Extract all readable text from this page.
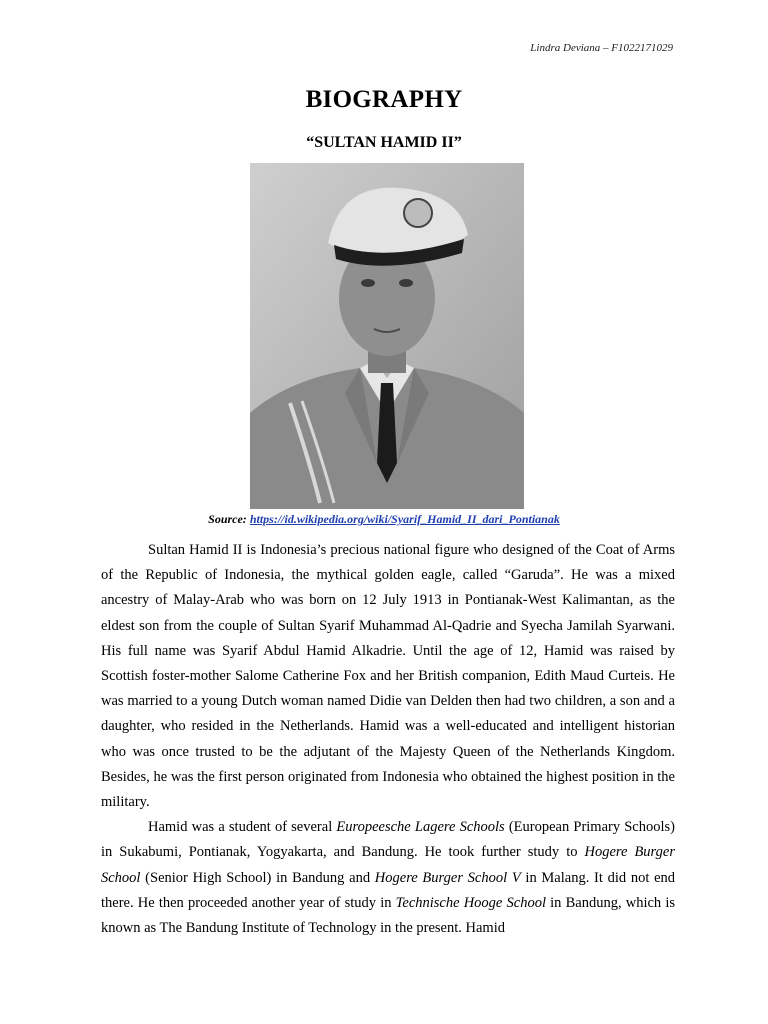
Lindra Deviana – F1022171029
BIOGRAPHY
“SULTAN HAMID II”
Source: https://id.wikipedia.org/wiki/Syarif_Hamid_II_dari_Pontianak

Sultan Hamid II is Indonesia’s precious national figure who designed of the Coat of Arms of the Republic of Indonesia, the mythical golden eagle, called “Garuda”. He was a mixed ancestry of Malay-Arab who was born on 12 July 1913 in Pontianak-West Kalimantan, as the eldest son from the couple of Sultan Syarif Muhammad Al-Qadrie and Syecha Jamilah Syarwani. His full name was Syarif Abdul Hamid Alkadrie. Until the age of 12, Hamid was raised by Scottish foster-mother Salome Catherine Fox and her British companion, Edith Maud Curteis. He was married to a young Dutch woman named Didie van Delden then had two children, a son and a daughter, who resided in the Netherlands. Hamid was a well-educated and intelligent historian who was once trusted to be the adjutant of the Majesty Queen of the Netherlands Kingdom. Besides, he was the first person originated from Indonesia who obtained the highest position in the military.

Hamid was a student of several Europeesche Lagere Schools (European Primary Schools) in Sukabumi, Pontianak, Yogyakarta, and Bandung. He took further study to Hogere Burger School (Senior High School) in Bandung and Hogere Burger School V in Malang. It did not end there. He then proceeded another year of study in Technische Hooge School in Bandung, which is known as The Bandung Institute of Technology in the present. Hamid
